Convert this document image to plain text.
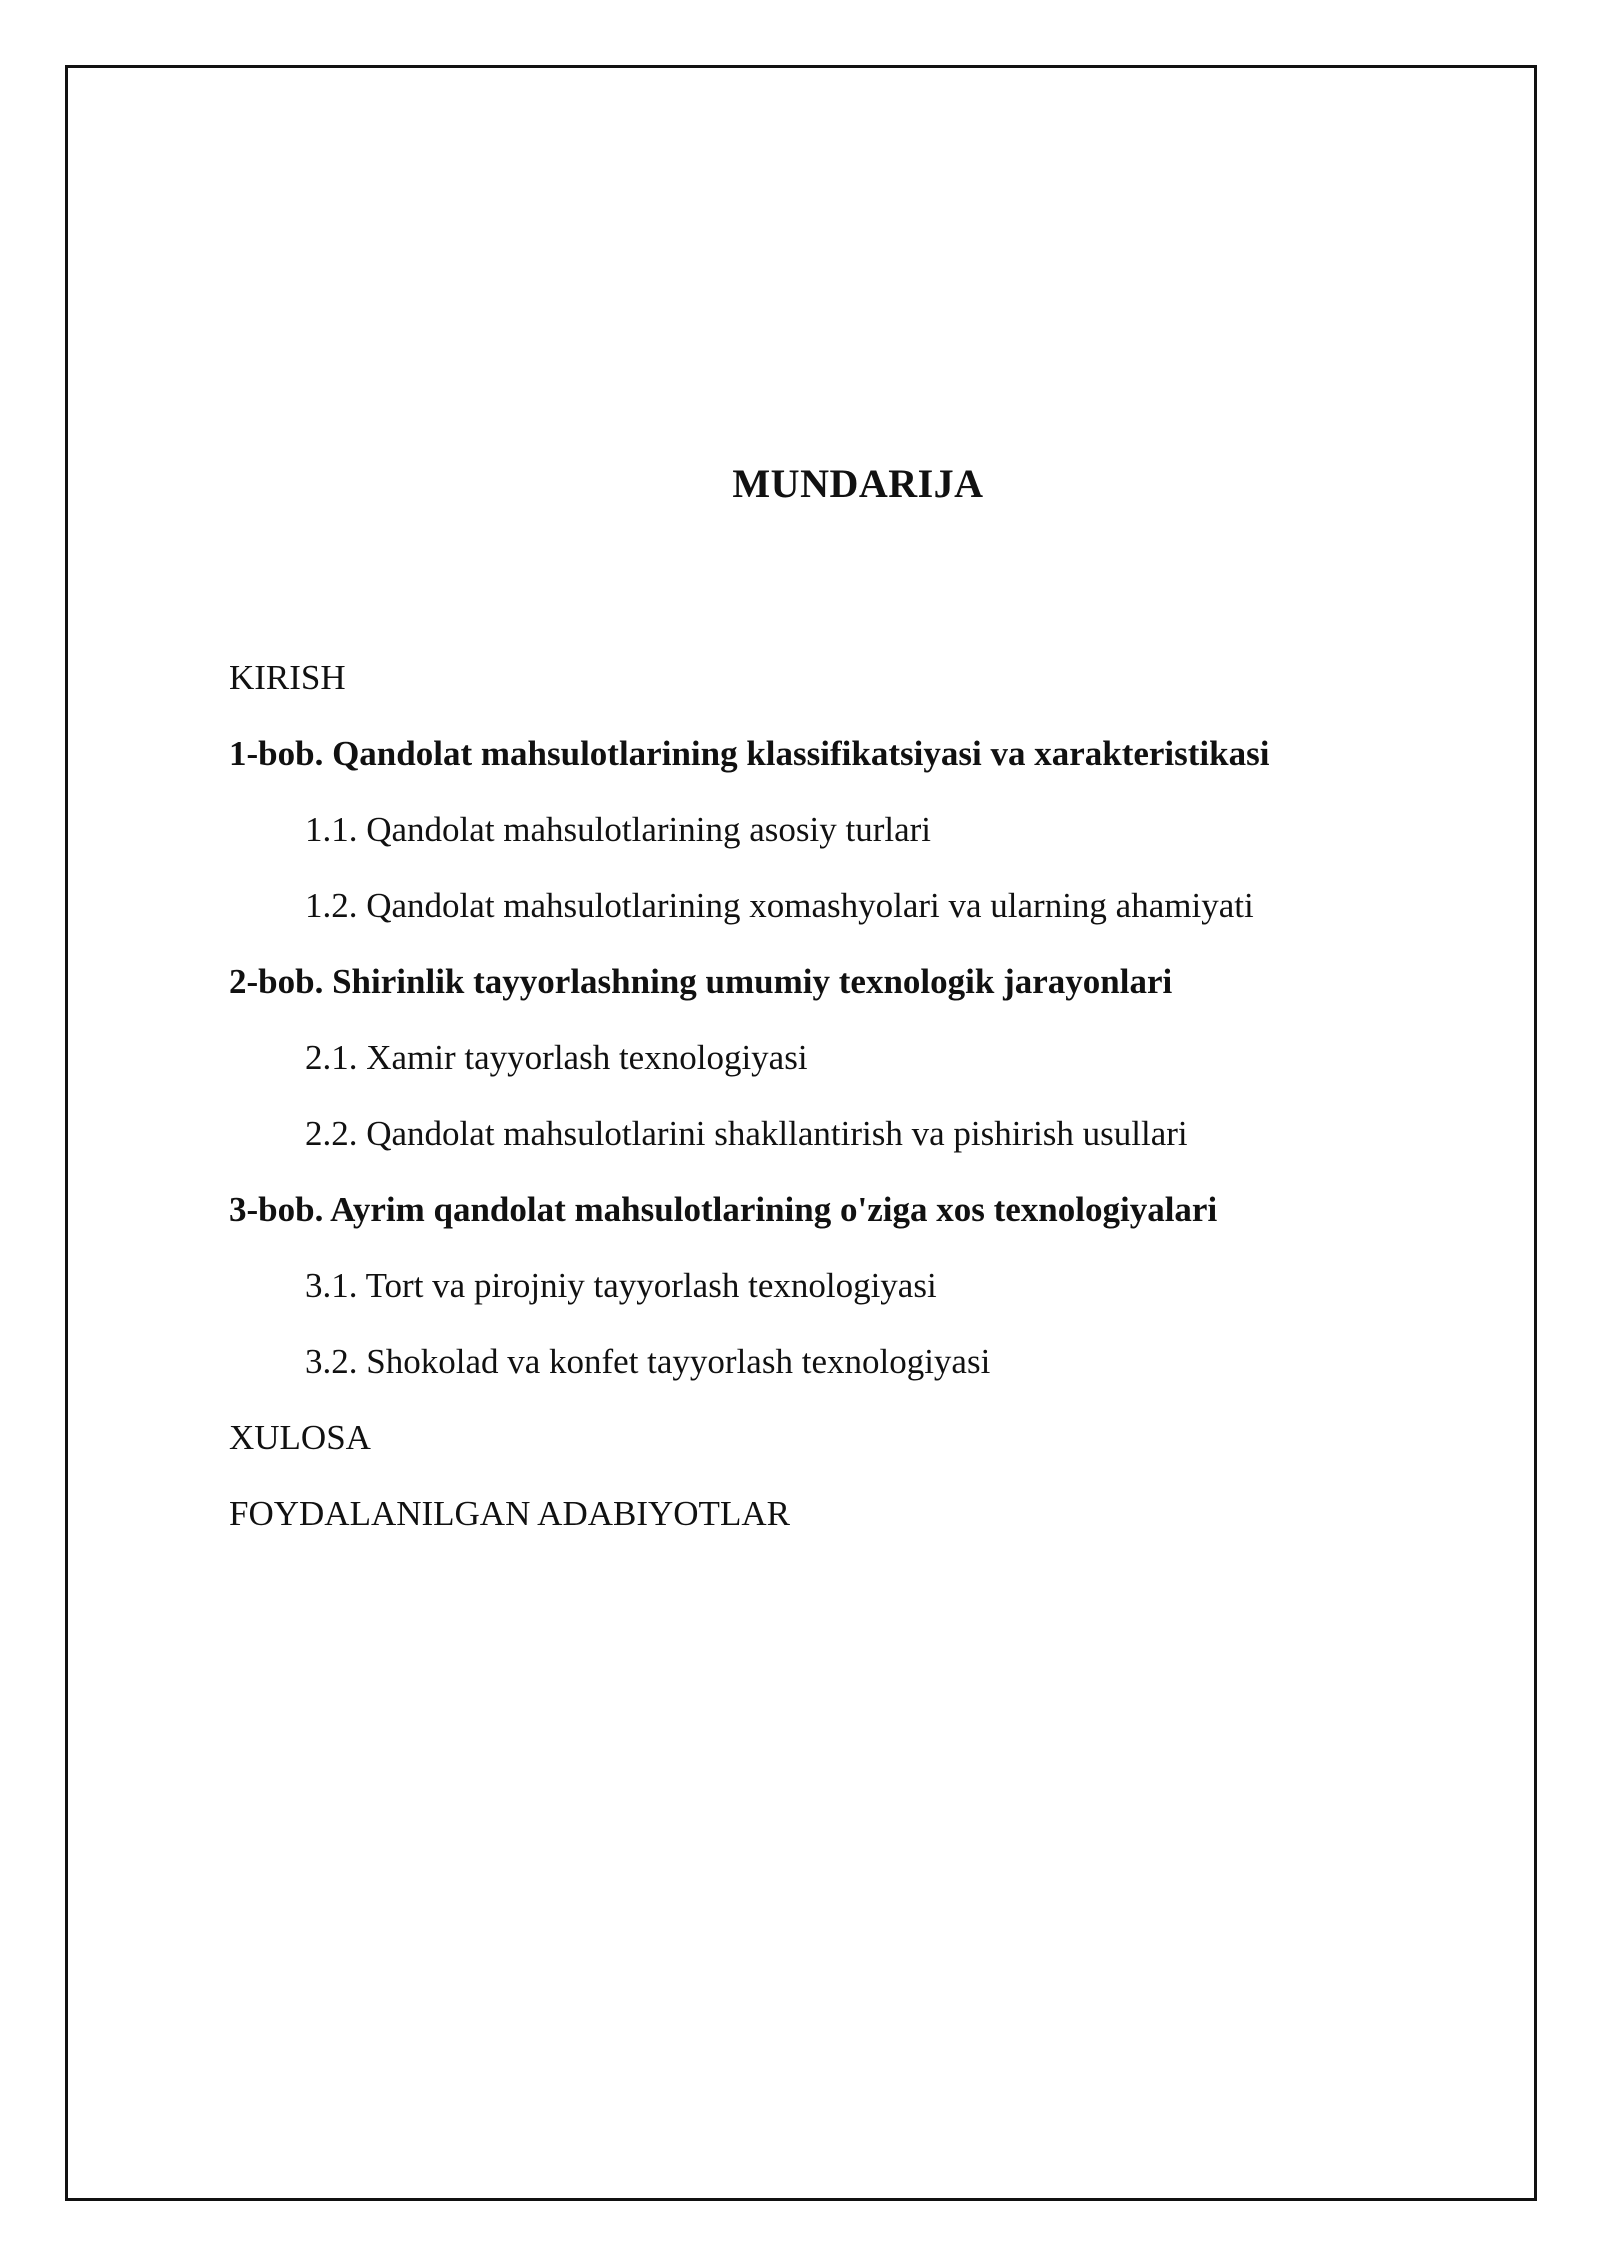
MUNDARIJA
KIRISH
1-bob. Qandolat mahsulotlarining klassifikatsiyasi va xarakteristikasi
1.1. Qandolat mahsulotlarining asosiy turlari
1.2. Qandolat mahsulotlarining xomashyolari va ularning ahamiyati
2-bob. Shirinlik tayyorlashning umumiy texnologik jarayonlari
2.1. Xamir tayyorlash texnologiyasi
2.2. Qandolat mahsulotlarini shakllantirish va pishirish usullari
3-bob. Ayrim qandolat mahsulotlarining o'ziga xos texnologiyalari
3.1. Tort va pirojniy tayyorlash texnologiyasi
3.2. Shokolad va konfet tayyorlash texnologiyasi
XULOSA
FOYDALANILGAN ADABIYOTLAR
